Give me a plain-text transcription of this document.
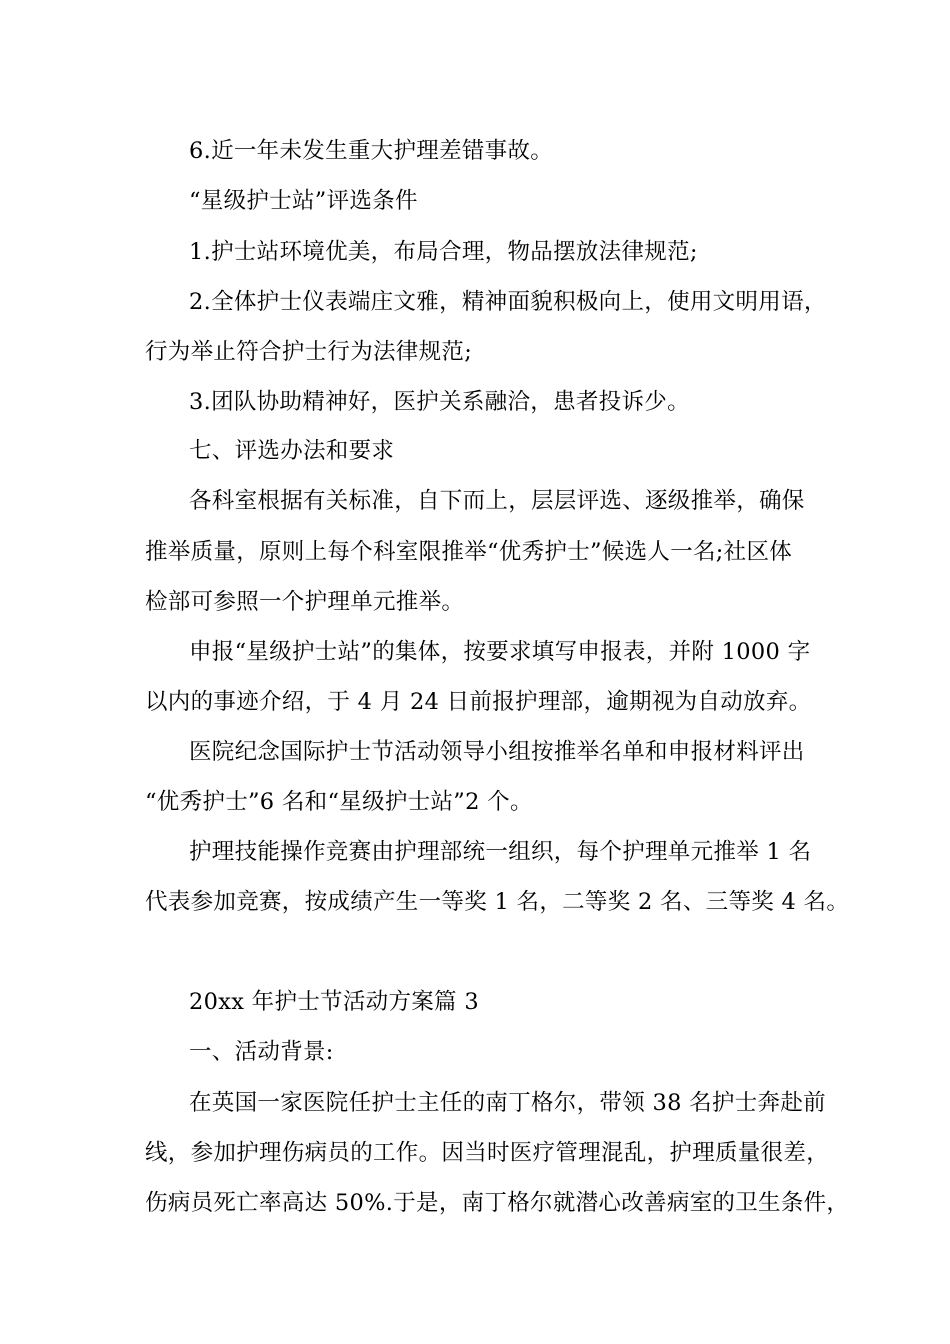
6.近一年未发生重大护理差错事故。
“星级护士站”评选条件
1.护士站环境优美，布局合理，物品摆放法律规范;
2.全体护士仪表端庄文雅，精神面貌积极向上，使用文明用语，
行为举止符合护士行为法律规范;
3.团队协助精神好，医护关系融洽，患者投诉少。
七、评选办法和要求
各科室根据有关标准，自下而上，层层评选、逐级推举，确保
推举质量，原则上每个科室限推举“优秀护士”候选人一名;社区体
检部可参照一个护理单元推举。
申报“星级护士站”的集体，按要求填写申报表，并附 1000 字
以内的事迹介绍，于 4 月 24 日前报护理部，逾期视为自动放弃。
医院纪念国际护士节活动领导小组按推举名单和申报材料评出
“优秀护士”6 名和“星级护士站”2 个。
护理技能操作竞赛由护理部统一组织，每个护理单元推举 1 名
代表参加竞赛，按成绩产生一等奖 1 名，二等奖 2 名、三等奖 4 名。
20xx 年护士节活动方案篇 3
一、活动背景:
在英国一家医院任护士主任的南丁格尔，带领 38 名护士奔赴前
线，参加护理伤病员的工作。因当时医疗管理混乱，护理质量很差，
伤病员死亡率高达 50%.于是，南丁格尔就潜心改善病室的卫生条件，
